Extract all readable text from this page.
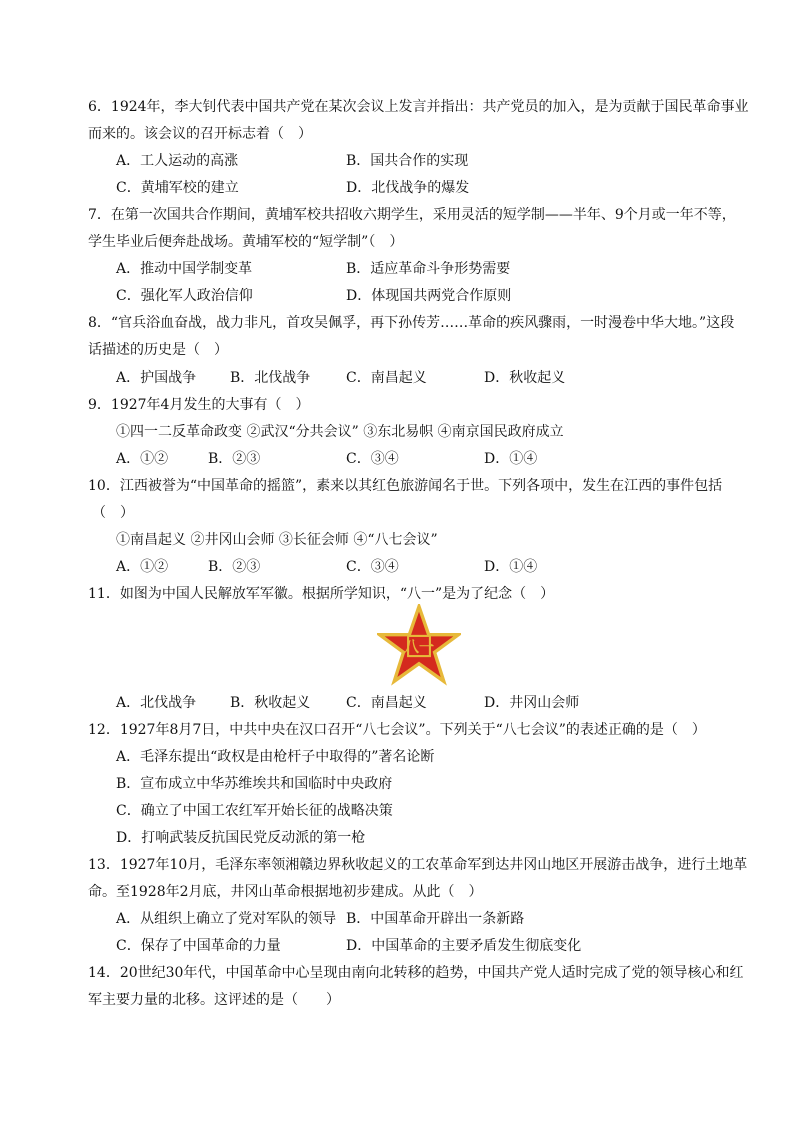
6．1924年，李大钊代表中国共产党在某次会议上发言并指出：共产党员的加入，是为贡献于国民革命事业
而来的。该会议的召开标志着（　）
A．工人运动的高涨	B．国共合作的实现
C．黄埔军校的建立	D．北伐战争的爆发
7．在第一次国共合作期间，黄埔军校共招收六期学生，采用灵活的短学制——半年、9个月或一年不等，
学生毕业后便奔赴战场。黄埔军校的“短学制”（　）
A．推动中国学制变革	B．适应革命斗争形势需要
C．强化军人政治信仰	D．体现国共两党合作原则
8．“官兵浴血奋战，战力非凡，首攻吴佩孚，再下孙传芳……革命的疾风骤雨，一时漫卷中华大地。”这段
话描述的历史是（　）
A．护国战争 B．北伐战争	C．南昌起义	D．秋收起义
9．1927年4月发生的大事有（　）
①四一二反革命政变 ②武汉“分共会议” ③东北易帜 ④南京国民政府成立
A．①②	B．②③	C．③④	D．①④
10．江西被誉为“中国革命的摇篮”，素来以其红色旅游闻名于世。下列各项中，发生在江西的事件包括
（　）
①南昌起义 ②井冈山会师 ③长征会师 ④“八七会议”
A．①②	B．②③	C．③④	D．①④
11．如图为中国人民解放军军徽。根据所学知识，“八一”是为了纪念（　）
八一
A．北伐战争 B．秋收起义	C．南昌起义	D．井冈山会师
12．1927年8月7日，中共中央在汉口召开“八七会议”。下列关于“八七会议”的表述正确的是（　）
A．毛泽东提出“政权是由枪杆子中取得的”著名论断
B．宣布成立中华苏维埃共和国临时中央政府
C．确立了中国工农红军开始长征的战略决策
D．打响武装反抗国民党反动派的第一枪
13．1927年10月，毛泽东率领湘赣边界秋收起义的工农革命军到达井冈山地区开展游击战争，进行土地革
命。至1928年2月底，井冈山革命根据地初步建成。从此（　）
A．从组织上确立了党对军队的领导 B．中国革命开辟出一条新路
C．保存了中国革命的力量	D．中国革命的主要矛盾发生彻底变化
14．20世纪30年代，中国革命中心呈现由南向北转移的趋势，中国共产党人适时完成了党的领导核心和红
军主要力量的北移。这评述的是（　　）
